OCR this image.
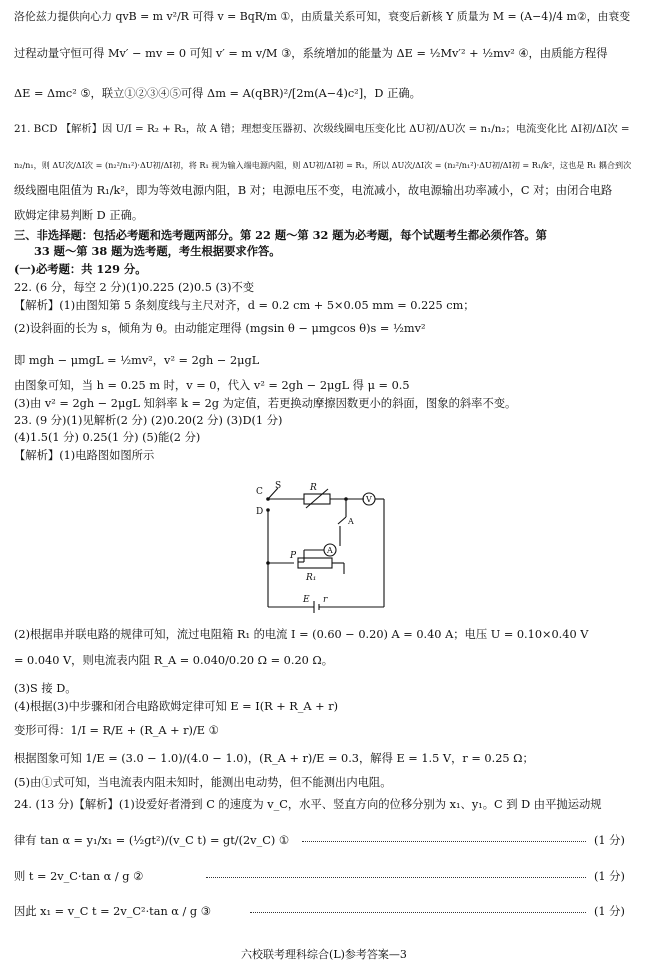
洛伦兹力提供向心力 qvB = m v²/R 可得 v = BqR/m ①，由质量关系可知，衰变后新核 Y 质量为 M = (A−4)/4 m②，由衰变
过程动量守恒可得 Mv′ − mv = 0 可知 v′ = m v/M ③，系统增加的能量为 ΔE = ½Mv′² + ½mv² ④，由质能方程得
ΔE = Δmc² ⑤，联立①②③④⑤可得 Δm = A(qBR)²/[2m(A−4)c²]，D 正确。
21. BCD 【解析】因 U/I = R₂ + R₃，故 A 错；理想变压器初、次级线圈电压变化比 ΔU初/ΔU次 = n₁/n₂；电流变化比 ΔI初/ΔI次 =
n₂/n₁，则 ΔU次/ΔI次 = (n₂²/n₁²)·ΔU初/ΔI初，将 R₁ 视为输入端电源内阻，则 ΔU初/ΔI初 = R₁，所以 ΔU次/ΔI次 = (n₂²/n₁²)·ΔU初/ΔI初 = R₁/k²，这也是 R₁ 耦合到次
级线圈电阻值为 R₁/k²，即为等效电源内阻，B 对；电源电压不变，电流减小，故电源输出功率减小，C 对；由闭合电路
欧姆定律易判断 D 正确。
三、非选择题：包括必考题和选考题两部分。第 22 题～第 32 题为必考题，每个试题考生都必须作答。第
33 题～第 38 题为选考题，考生根据要求作答。
(一)必考题：共 129 分。
22. (6 分，每空 2 分)(1)0.225 (2)0.5 (3)不变
【解析】(1)由图知第 5 条刻度线与主尺对齐，d = 0.2 cm + 5×0.05 mm = 0.225 cm；
(2)设斜面的长为 s，倾角为 θ。由动能定理得 (mgsin θ − μmgcos θ)s = ½mv²
即 mgh − μmgL = ½mv²，v² = 2gh − 2μgL
由图象可知，当 h = 0.25 m 时，v = 0，代入 v² = 2gh − 2μgL 得 μ = 0.5
(3)由 v² = 2gh − 2μgL 知斜率 k = 2g 为定值，若更换动摩擦因数更小的斜面，图象的斜率不变。
23. (9 分)(1)见解析(2 分) (2)0.20(2 分) (3)D(1 分)
(4)1.5(1 分) 0.25(1 分) (5)能(2 分)
【解析】(1)电路图如图所示
C
S
D
R
V
A
A
P
R₁
E r
(2)根据串并联电路的规律可知，流过电阻箱 R₁ 的电流 I = (0.60 − 0.20) A = 0.40 A；电压 U = 0.10×0.40 V
= 0.040 V，则电流表内阻 R_A = 0.040/0.20 Ω = 0.20 Ω。
(3)S 接 D。
(4)根据(3)中步骤和闭合电路欧姆定律可知 E = I(R + R_A + r)
变形可得：1/I = R/E + (R_A + r)/E ①
根据图象可知 1/E = (3.0 − 1.0)/(4.0 − 1.0)，(R_A + r)/E = 0.3，解得 E = 1.5 V，r = 0.25 Ω；
(5)由①式可知，当电流表内阻未知时，能测出电动势，但不能测出内电阻。
24. (13 分)【解析】(1)设爱好者滑到 C 的速度为 v_C，水平、竖直方向的位移分别为 x₁、y₁。C 到 D 由平抛运动规
律有 tan α = y₁/x₁ = (½gt²)/(v_C t) = gt/(2v_C) ①	(1 分)
则 t = 2v_C·tan α / g ②	(1 分)
因此 x₁ = v_C t = 2v_C²·tan α / g ③	(1 分)
六校联考理科综合(L)参考答案—3
